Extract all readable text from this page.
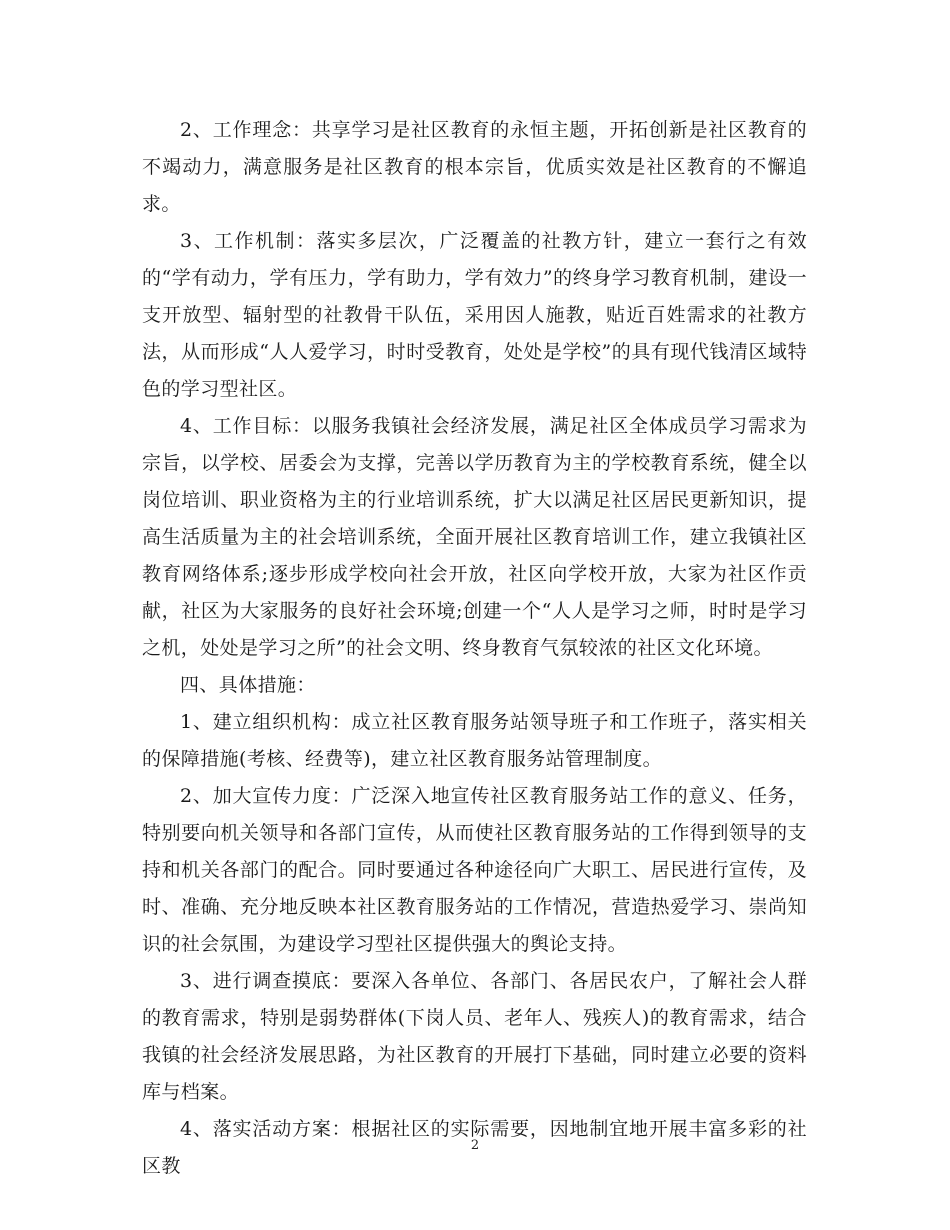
2、工作理念：共享学习是社区教育的永恒主题，开拓创新是社区教育的不竭动力，满意服务是社区教育的根本宗旨，优质实效是社区教育的不懈追求。

3、工作机制：落实多层次，广泛覆盖的社教方针，建立一套行之有效的“学有动力，学有压力，学有助力，学有效力”的终身学习教育机制，建设一支开放型、辐射型的社教骨干队伍，采用因人施教，贴近百姓需求的社教方法，从而形成“人人爱学习，时时受教育，处处是学校”的具有现代钱清区域特色的学习型社区。

4、工作目标：以服务我镇社会经济发展，满足社区全体成员学习需求为宗旨，以学校、居委会为支撑，完善以学历教育为主的学校教育系统，健全以岗位培训、职业资格为主的行业培训系统，扩大以满足社区居民更新知识，提高生活质量为主的社会培训系统，全面开展社区教育培训工作，建立我镇社区教育网络体系;逐步形成学校向社会开放，社区向学校开放，大家为社区作贡献，社区为大家服务的良好社会环境;创建一个“人人是学习之师，时时是学习之机，处处是学习之所”的社会文明、终身教育气氛较浓的社区文化环境。

四、具体措施：

1、建立组织机构：成立社区教育服务站领导班子和工作班子，落实相关的保障措施(考核、经费等)，建立社区教育服务站管理制度。

2、加大宣传力度：广泛深入地宣传社区教育服务站工作的意义、任务，特别要向机关领导和各部门宣传，从而使社区教育服务站的工作得到领导的支持和机关各部门的配合。同时要通过各种途径向广大职工、居民进行宣传，及时、准确、充分地反映本社区教育服务站的工作情况，营造热爱学习、崇尚知识的社会氛围，为建设学习型社区提供强大的舆论支持。

3、进行调查摸底：要深入各单位、各部门、各居民农户，了解社会人群的教育需求，特别是弱势群体(下岗人员、老年人、残疾人)的教育需求，结合我镇的社会经济发展思路，为社区教育的开展打下基础，同时建立必要的资料库与档案。

4、落实活动方案：根据社区的实际需要，因地制宜地开展丰富多彩的社区教

2
